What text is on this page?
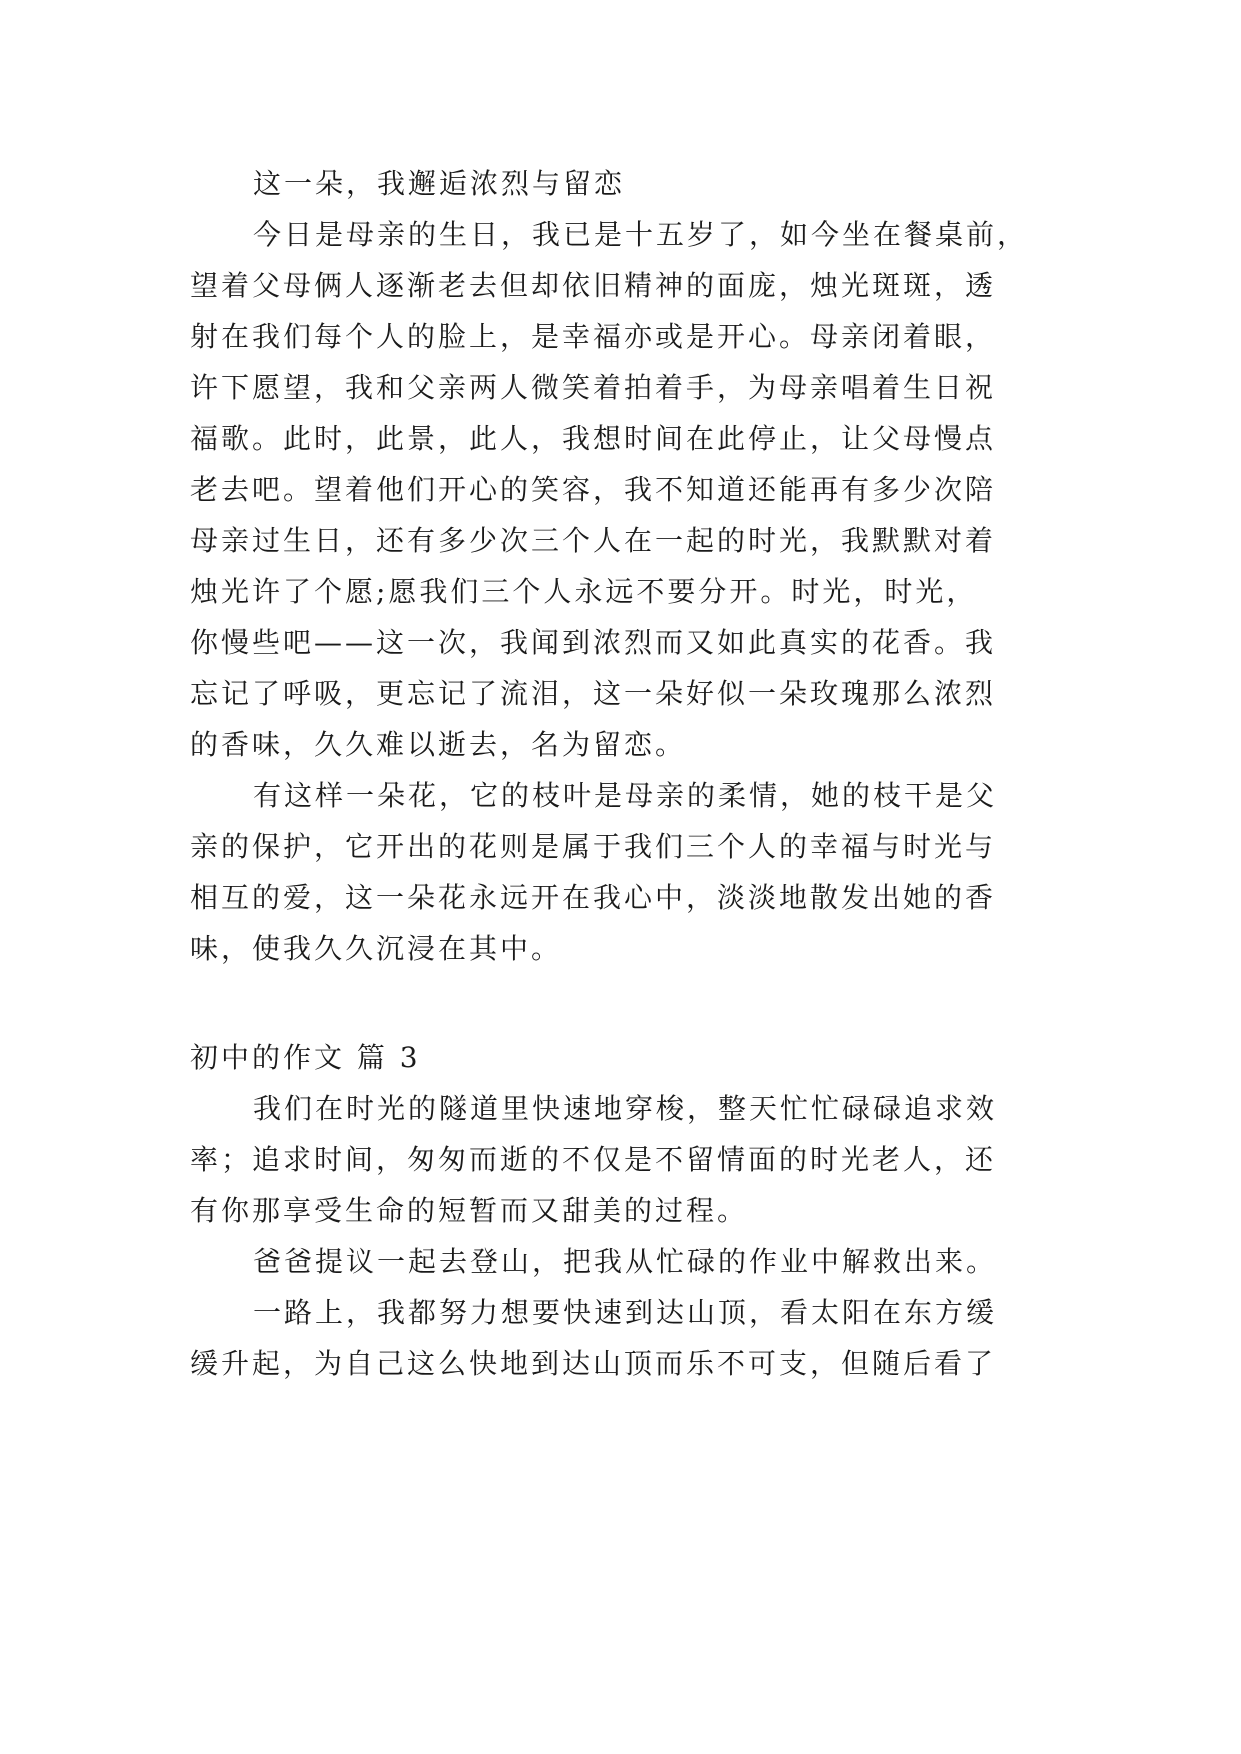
这一朵，我邂逅浓烈与留恋
今日是母亲的生日，我已是十五岁了，如今坐在餐桌前，
望着父母俩人逐渐老去但却依旧精神的面庞，烛光斑斑，透
射在我们每个人的脸上，是幸福亦或是开心。母亲闭着眼，
许下愿望，我和父亲两人微笑着拍着手，为母亲唱着生日祝
福歌。此时，此景，此人，我想时间在此停止，让父母慢点
老去吧。望着他们开心的笑容，我不知道还能再有多少次陪
母亲过生日，还有多少次三个人在一起的时光，我默默对着
烛光许了个愿;愿我们三个人永远不要分开。时光，时光，
你慢些吧——这一次，我闻到浓烈而又如此真实的花香。我
忘记了呼吸，更忘记了流泪，这一朵好似一朵玫瑰那么浓烈
的香味，久久难以逝去，名为留恋。
有这样一朵花，它的枝叶是母亲的柔情，她的枝干是父
亲的保护，它开出的花则是属于我们三个人的幸福与时光与
相互的爱，这一朵花永远开在我心中，淡淡地散发出她的香
味，使我久久沉浸在其中。
初中的作文 篇 3
我们在时光的隧道里快速地穿梭，整天忙忙碌碌追求效
率；追求时间，匆匆而逝的不仅是不留情面的时光老人，还
有你那享受生命的短暂而又甜美的过程。
爸爸提议一起去登山，把我从忙碌的作业中解救出来。
一路上，我都努力想要快速到达山顶，看太阳在东方缓
缓升起，为自己这么快地到达山顶而乐不可支，但随后看了
